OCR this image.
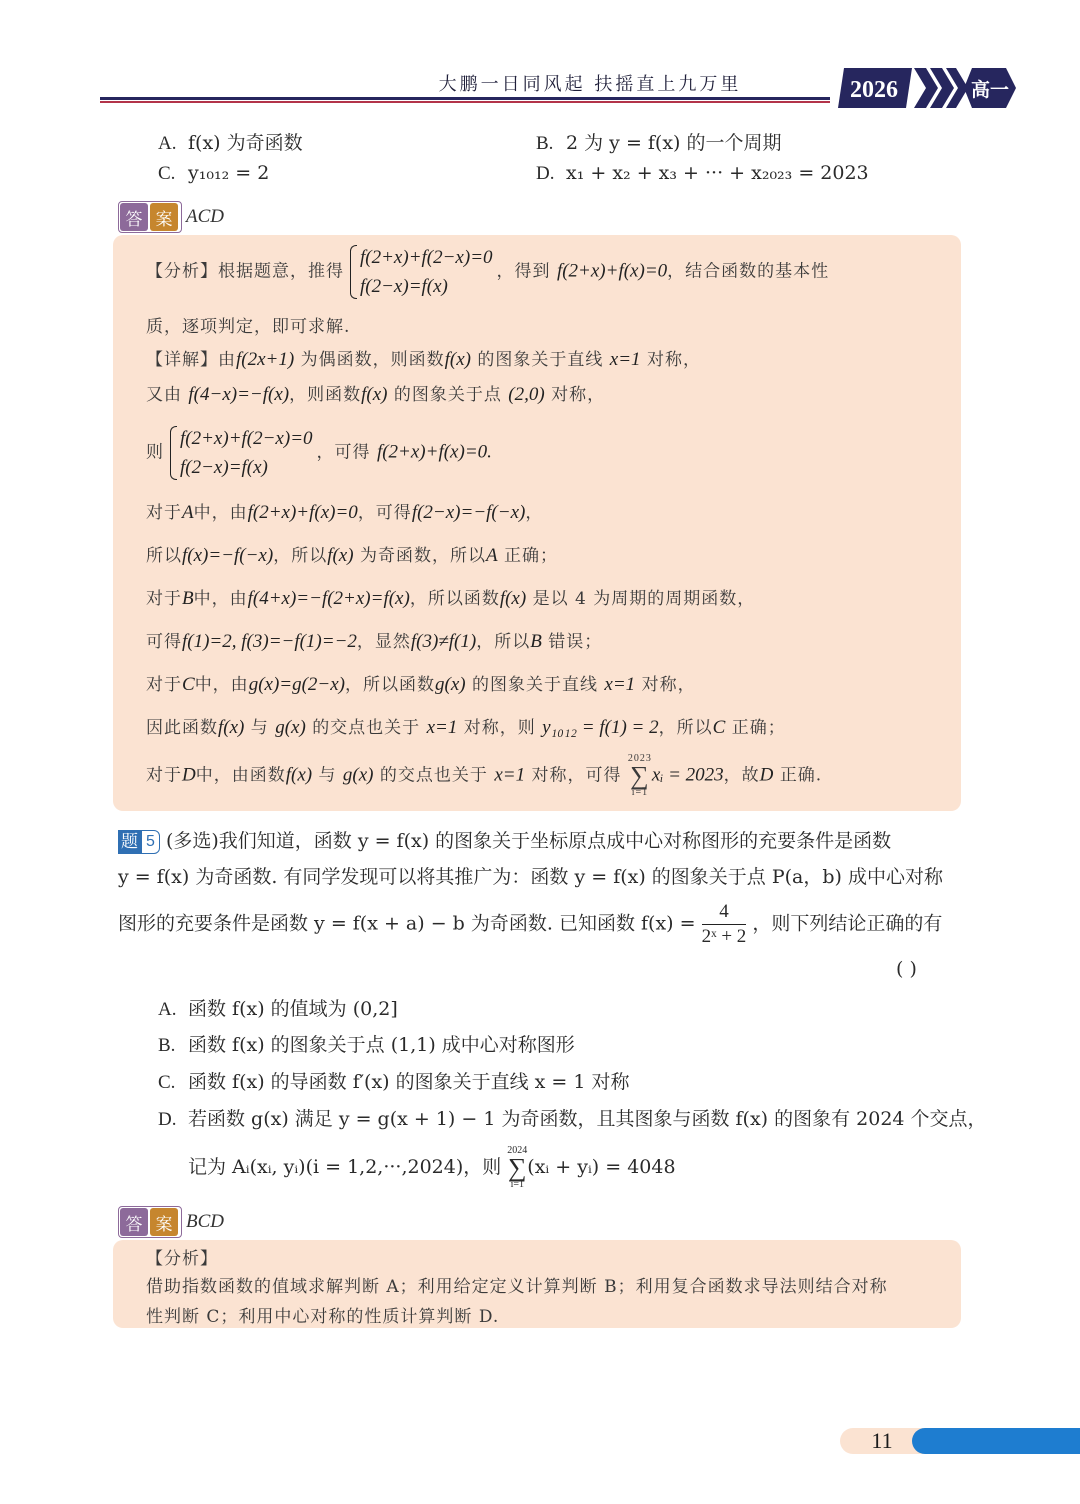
大鹏一日同风起 扶摇直上九万里	2026	高一
A. f(x) 为奇函数	B. 2 为 y = f(x) 的一个周期
C. y₁₀₁₂ = 2	D. x₁ + x₂ + x₃ + ··· + x₂₀₂₃ = 2023
答 案 ACD
【分析】根据题意，推得
f(2+x)+f(2−x)=0
f(2−x)=f(x)
，得到 f(2+x)+f(x)=0，结合函数的基本性
质，逐项判定，即可求解.
【详解】由f(2x+1) 为偶函数，则函数f(x) 的图象关于直线 x=1 对称，
又由 f(4−x)=−f(x)，则函数f(x) 的图象关于点 (2,0) 对称，
则
f(2+x)+f(2−x)=0
f(2−x)=f(x)
，可得 f(2+x)+f(x)=0.
对于A中，由f(2+x)+f(x)=0，可得f(2−x)=−f(−x)，
所以f(x)=−f(−x)，所以f(x) 为奇函数，所以A 正确；
对于B中，由f(4+x)=−f(2+x)=f(x)，所以函数f(x) 是以 4 为周期的周期函数，
可得f(1)=2, f(3)=−f(1)=−2，显然f(3)≠f(1)，所以B 错误；
对于C中，由g(x)=g(2−x)，所以函数g(x) 的图象关于直线 x=1 对称，
因此函数f(x) 与 g(x) 的交点也关于 x=1 对称，则 y₁₀₁₂ = f(1) = 2，所以C 正确；
对于D中，由函数f(x) 与 g(x) 的交点也关于 x=1 对称，可得
2023
∑
i=1
xᵢ = 2023，故D 正确.
题 5 (多选)我们知道，函数 y = f(x) 的图象关于坐标原点成中心对称图形的充要条件是函数
y = f(x) 为奇函数. 有同学发现可以将其推广为：函数 y = f(x) 的图象关于点 P(a，b) 成中心对称
图形的充要条件是函数 y = f(x + a) − b 为奇函数. 已知函数 $f(x) = \frac{4}{\text{2ˣ + 2}}$ ，则下列结论正确的有
( )
A. 函数 f(x) 的值域为 (0,2]
B. 函数 f(x) 的图象关于点 (1,1) 成中心对称图形
C. 函数 f(x) 的导函数 f′(x) 的图象关于直线 x = 1 对称
D. 若函数 g(x) 满足 y = g(x + 1) − 1 为奇函数，且其图象与函数 f(x) 的图象有 2024 个交点，
记为 Aᵢ(xᵢ, yᵢ)(i = 1,2,···,2024)，则
2024
∑
i=1
(xᵢ + yᵢ) = 4048
答 案 BCD
【分析】
借助指数函数的值域求解判断 A；利用给定定义计算判断 B；利用复合函数求导法则结合对称
性判断 C；利用中心对称的性质计算判断 D.
11
